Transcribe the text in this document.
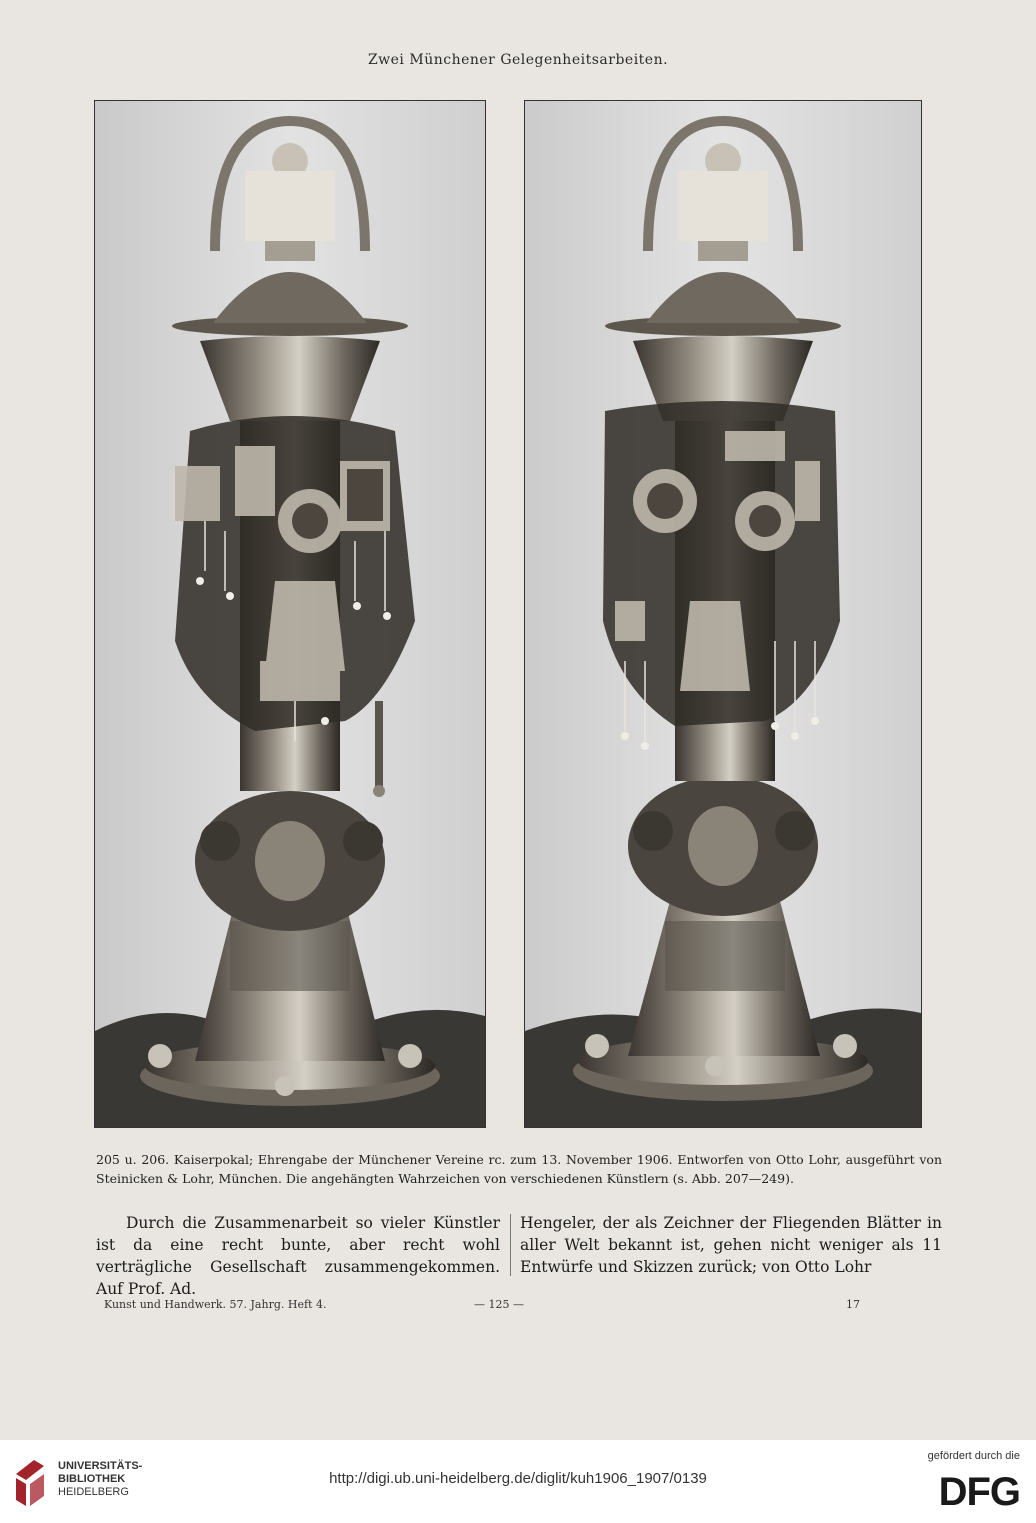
Zwei Münchener Gelegenheitsarbeiten.

205 u. 206. Kaiserpokal; Ehrengabe der Münchener Vereine rc. zum 13. November 1906. Entworfen von Otto Lohr, ausgeführt von Steinicken & Lohr, München. Die angehängten Wahrzeichen von verschiedenen Künstlern (s. Abb. 207—249).

Durch die Zusammenarbeit so vieler Künstler ist da eine recht bunte, aber recht wohl verträgliche Gesellschaft zusammengekommen. Auf Prof. Ad.

Hengeler, der als Zeichner der Fliegenden Blätter in aller Welt bekannt ist, gehen nicht weniger als 11 Entwürfe und Skizzen zurück; von Otto Lohr

Kunst und Handwerk. 57. Jahrg. Heft 4.	— 125 —	17
UNIVERSITÄTS-
BIBLIOTHEK
HEIDELBERG
http://digi.ub.uni-heidelberg.de/diglit/kuh1906_1907/0139
gefördert durch die
DFG
